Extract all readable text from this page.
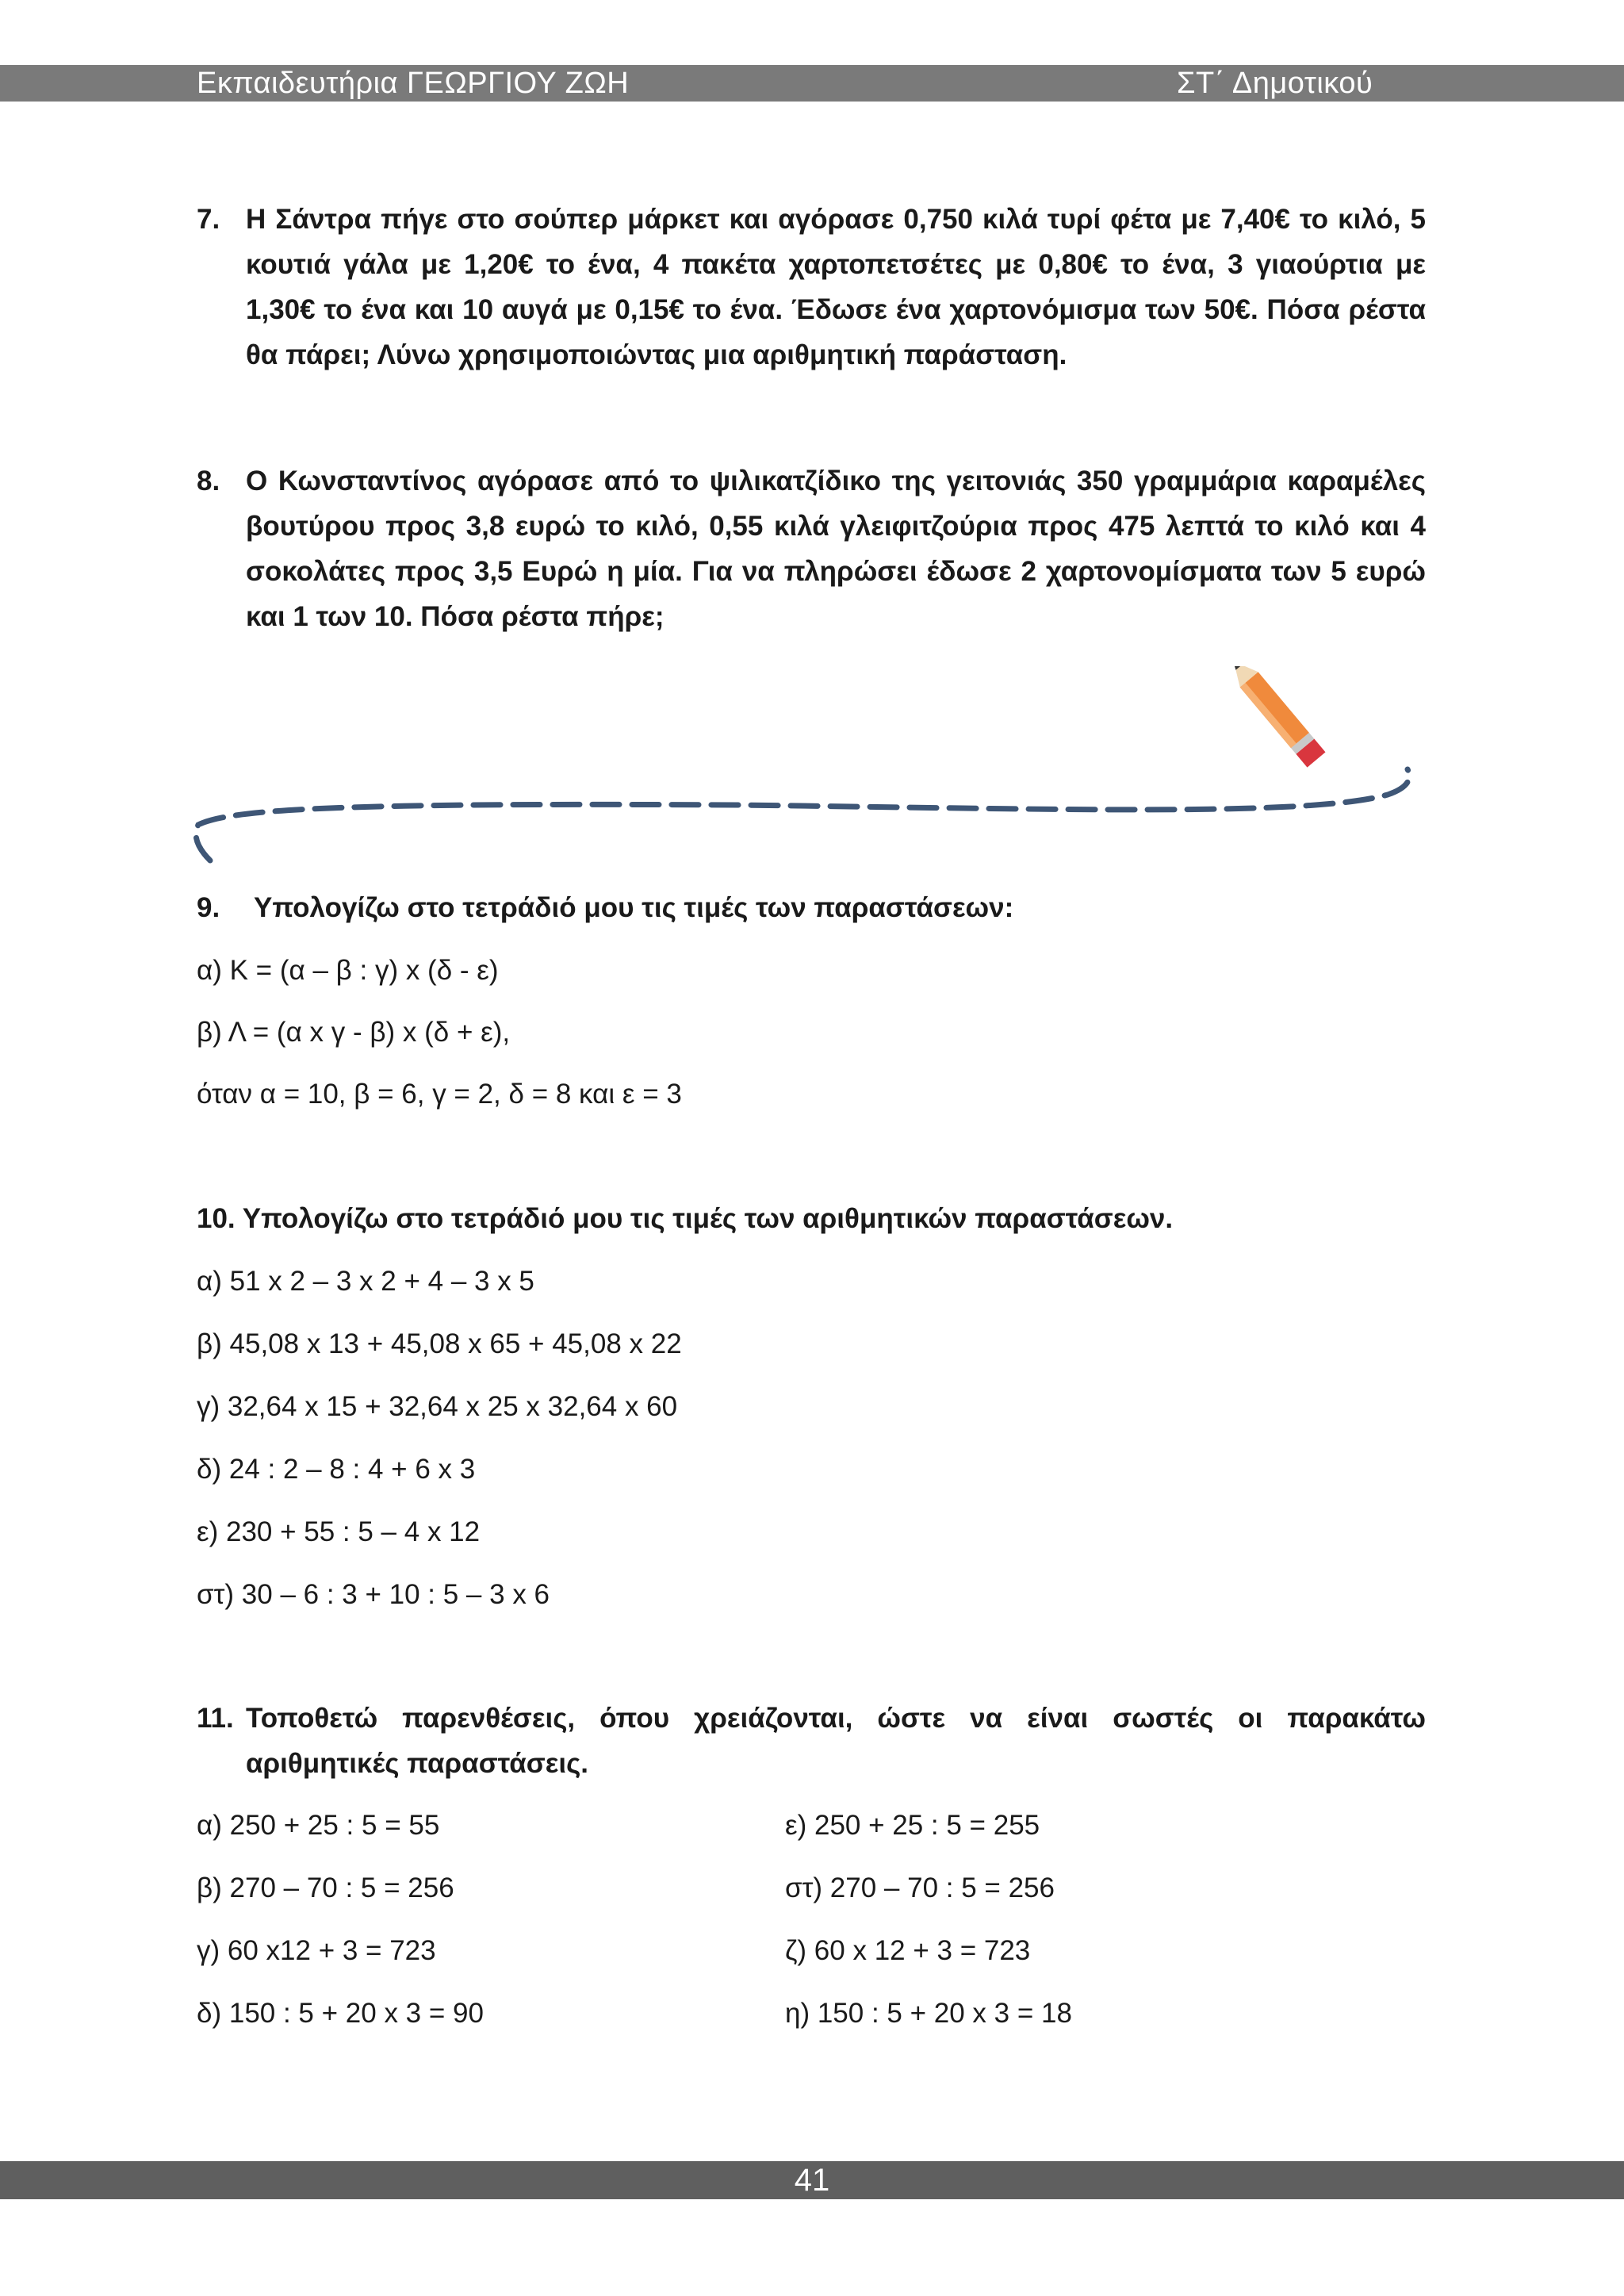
Εκπαιδευτήρια ΓΕΩΡΓΙΟΥ ΖΩΗ	ΣΤ΄ Δημοτικού
7. Η Σάντρα πήγε στο σούπερ μάρκετ και αγόρασε 0,750 κιλά τυρί φέτα με 7,40€ το κιλό, 5 κουτιά γάλα με 1,20€ το ένα, 4 πακέτα χαρτοπετσέτες με 0,80€ το ένα, 3 γιαούρτια με 1,30€ το ένα και 10 αυγά με 0,15€ το ένα. Έδωσε ένα χαρτονόμισμα των 50€. Πόσα ρέστα θα πάρει; Λύνω χρησιμοποιώντας μια αριθμητική παράσταση.
8. Ο Κωνσταντίνος αγόρασε από το ψιλικατζίδικο της γειτονιάς 350 γραμμάρια καραμέλες βουτύρου προς 3,8 ευρώ το κιλό, 0,55 κιλά γλειφιτζούρια προς 475 λεπτά το κιλό και 4 σοκολάτες προς 3,5 Ευρώ η μία. Για να πληρώσει έδωσε 2 χαρτονομίσματα των 5 ευρώ και 1 των 10. Πόσα ρέστα πήρε;
9. Υπολογίζω στο τετράδιό μου τις τιμές των παραστάσεων:
α) Κ = (α – β : γ) x (δ - ε)
β) Λ = (α x γ - β) x (δ + ε),
όταν α = 10, β = 6, γ = 2, δ = 8 και ε = 3
10. Υπολογίζω στο τετράδιό μου τις τιμές των αριθμητικών παραστάσεων.
α) 51 x 2 – 3 x 2 + 4 – 3 x 5
β) 45,08 x 13 + 45,08 x 65 + 45,08 x 22
γ) 32,64 x 15 + 32,64 x 25 x 32,64 x 60
δ) 24 : 2 – 8 : 4 + 6 x 3
ε) 230 + 55 : 5 – 4 x 12
στ) 30 – 6 : 3 + 10 : 5 – 3 x 6
11. Τοποθετώ παρενθέσεις, όπου χρειάζονται, ώστε να είναι σωστές οι παρακάτω αριθμητικές παραστάσεις.
α) 250 + 25 : 5 = 55
β) 270 – 70 : 5 = 256
γ) 60 x12 + 3 = 723
δ) 150 : 5 + 20 x 3 = 90
ε) 250 + 25 : 5 = 255
στ) 270 – 70 : 5 = 256
ζ) 60 x 12 + 3 = 723
η) 150 : 5 + 20 x 3 = 18
41
